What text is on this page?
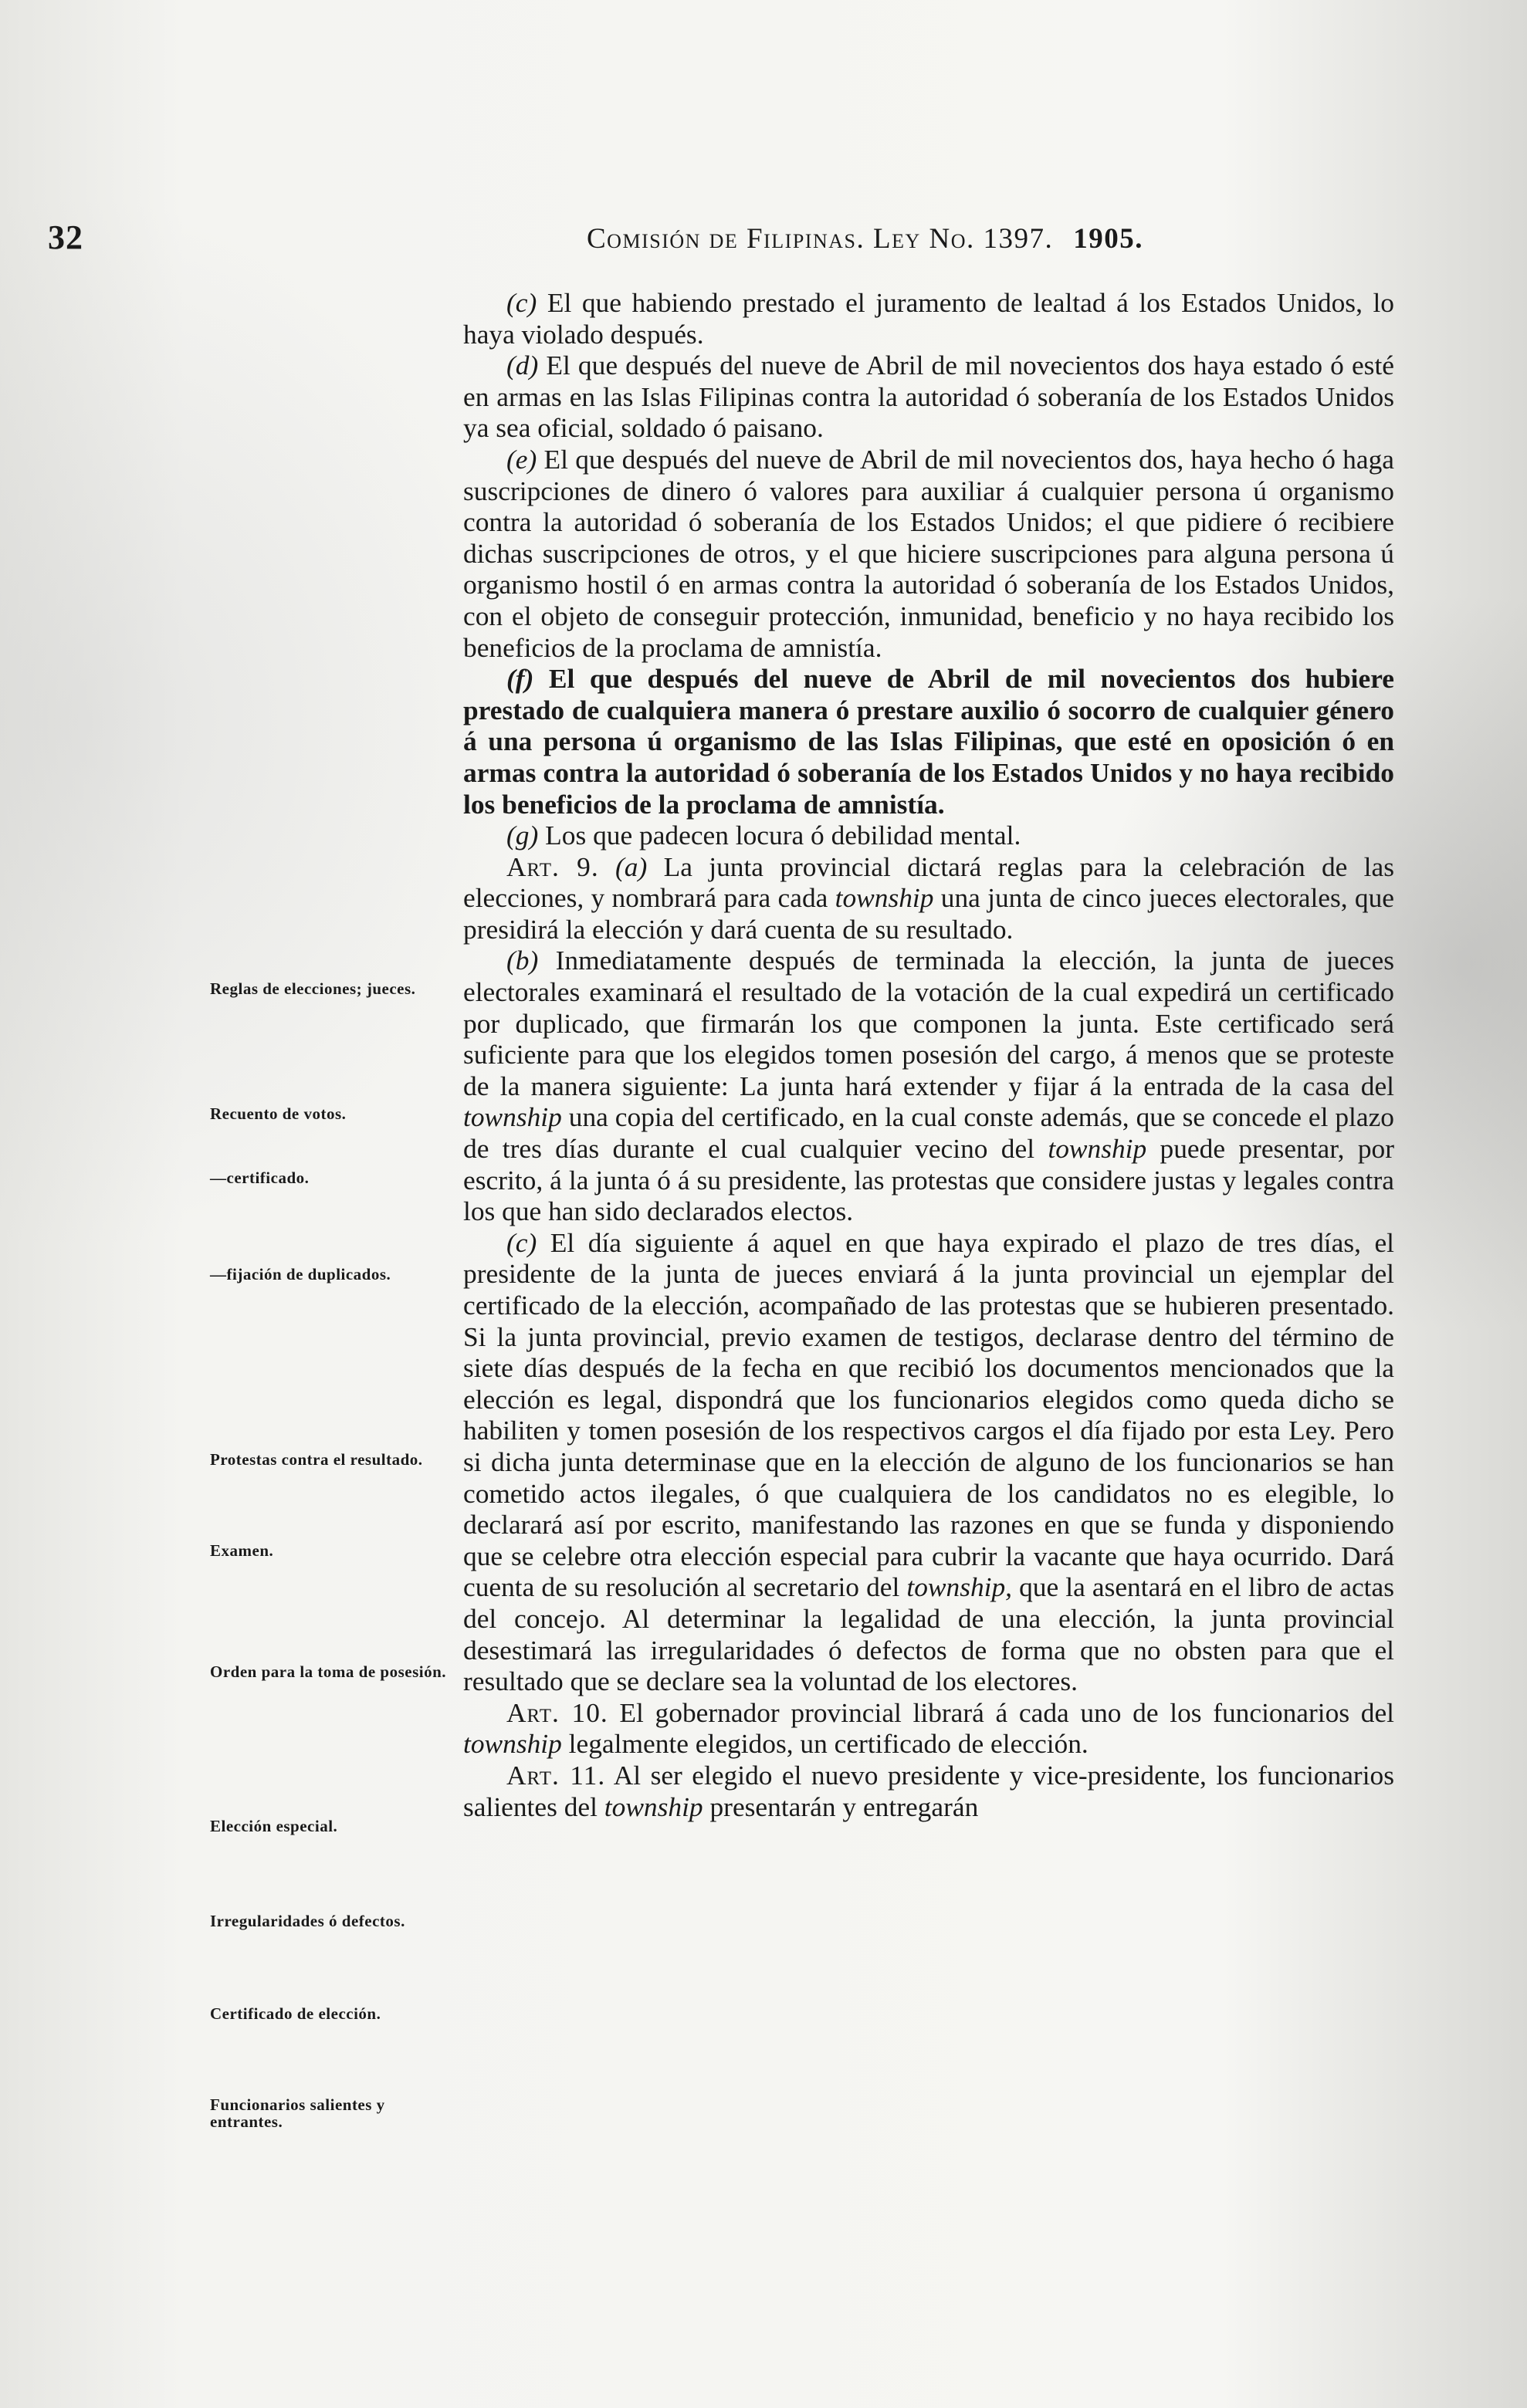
32	Comisión de Filipinas. Ley No. 1397. 1905.

(c) El que habiendo prestado el juramento de lealtad á los Estados Unidos, lo haya violado después.

(d) El que después del nueve de Abril de mil novecientos dos haya estado ó esté en armas en las Islas Filipinas contra la autoridad ó soberanía de los Estados Unidos ya sea oficial, soldado ó paisano.

(e) El que después del nueve de Abril de mil novecientos dos, haya hecho ó haga suscripciones de dinero ó valores para auxiliar á cualquier persona ú organismo contra la autoridad ó soberanía de los Estados Unidos; el que pidiere ó recibiere dichas suscripciones de otros, y el que hiciere suscripciones para alguna persona ú organismo hostil ó en armas contra la autoridad ó soberanía de los Estados Unidos, con el objeto de conseguir protección, inmunidad, beneficio y no haya recibido los beneficios de la proclama de amnistía.

(f) El que después del nueve de Abril de mil novecientos dos hubiere prestado de cualquiera manera ó prestare auxilio ó socorro de cualquier género á una persona ú organismo de las Islas Filipinas, que esté en oposición ó en armas contra la autoridad ó soberanía de los Estados Unidos y no haya recibido los beneficios de la proclama de amnistía.

(g) Los que padecen locura ó debilidad mental.

Art. 9. (a) La junta provincial dictará reglas para la celebración de las elecciones, y nombrará para cada township una junta de cinco jueces electorales, que presidirá la elección y dará cuenta de su resultado.

(b) Inmediatamente después de terminada la elección, la junta de jueces electorales examinará el resultado de la votación de la cual expedirá un certificado por duplicado, que firmarán los que componen la junta. Este certificado será suficiente para que los elegidos tomen posesión del cargo, á menos que se proteste de la manera siguiente: La junta hará extender y fijar á la entrada de la casa del township una copia del certificado, en la cual conste además, que se concede el plazo de tres días durante el cual cualquier vecino del township puede presentar, por escrito, á la junta ó á su presidente, las protestas que considere justas y legales contra los que han sido declarados electos.

(c) El día siguiente á aquel en que haya expirado el plazo de tres días, el presidente de la junta de jueces enviará á la junta provincial un ejemplar del certificado de la elección, acompañado de las protestas que se hubieren presentado. Si la junta provincial, previo examen de testigos, declarase dentro del término de siete días después de la fecha en que recibió los documentos mencionados que la elección es legal, dispondrá que los funcionarios elegidos como queda dicho se habiliten y tomen posesión de los respectivos cargos el día fijado por esta Ley. Pero si dicha junta determinase que en la elección de alguno de los funcionarios se han cometido actos ilegales, ó que cualquiera de los candidatos no es elegible, lo declarará así por escrito, manifestando las razones en que se funda y disponiendo que se celebre otra elección especial para cubrir la vacante que haya ocurrido. Dará cuenta de su resolución al secretario del township, que la asentará en el libro de actas del concejo. Al determinar la legalidad de una elección, la junta provincial desestimará las irregularidades ó defectos de forma que no obsten para que el resultado que se declare sea la voluntad de los electores.

Art. 10. El gobernador provincial librará á cada uno de los funcionarios del township legalmente elegidos, un certificado de elección.

Art. 11. Al ser elegido el nuevo presidente y vice-presidente, los funcionarios salientes del township presentarán y entregarán

Reglas de elecciones; jueces.
Recuento de votos.
—certificado.
—fijación de duplicados.
Protestas contra el resultado.
Examen.
Orden para la toma de posesión.
Elección especial.
Irregularidades ó defectos.
Certificado de elección.
Funcionarios salientes y entrantes.
